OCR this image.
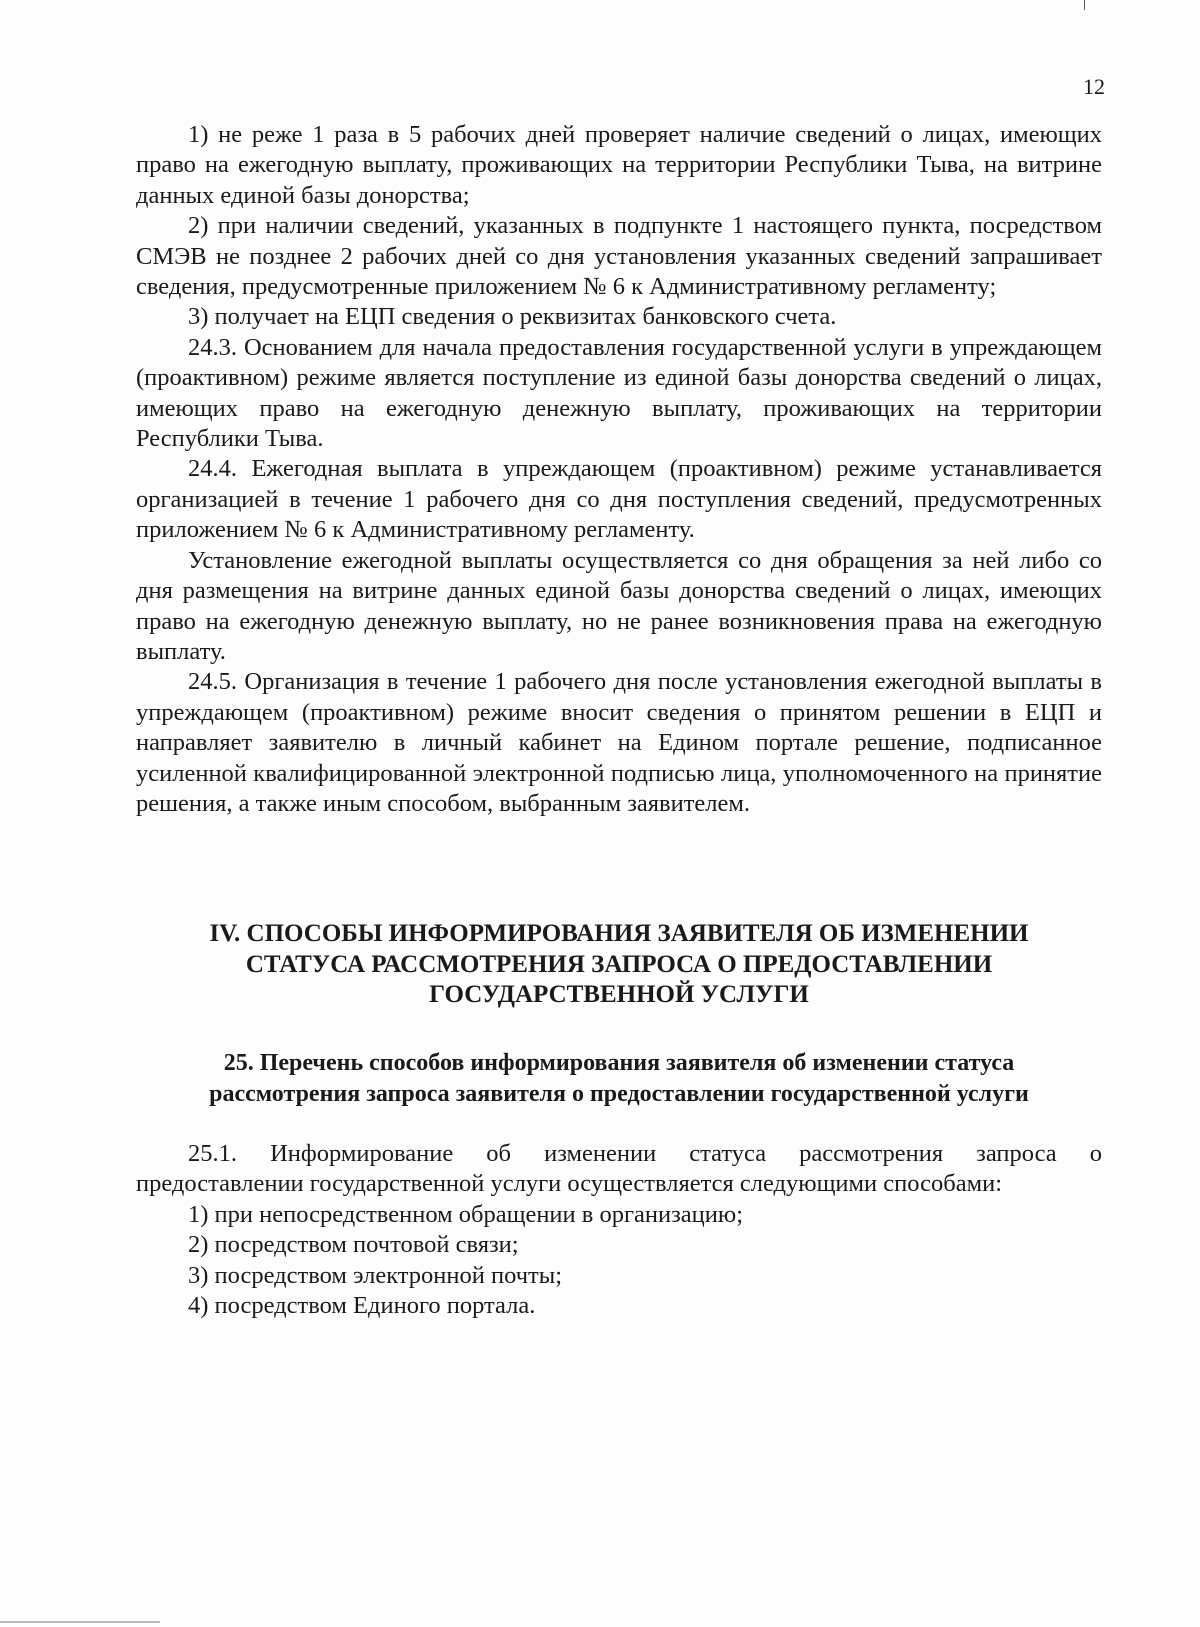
12

1) не реже 1 раза в 5 рабочих дней проверяет наличие сведений о лицах, имеющих право на ежегодную выплату, проживающих на территории Республики Тыва, на витрине данных единой базы донорства;

2) при наличии сведений, указанных в подпункте 1 настоящего пункта, посредством СМЭВ не позднее 2 рабочих дней со дня установления указанных сведений запрашивает сведения, предусмотренные приложением № 6 к Административному регламенту;

3) получает на ЕЦП сведения о реквизитах банковского счета.

24.3. Основанием для начала предоставления государственной услуги в упреждающем (проактивном) режиме является поступление из единой базы донорства сведений о лицах, имеющих право на ежегодную денежную выплату, проживающих на территории Республики Тыва.

24.4. Ежегодная выплата в упреждающем (проактивном) режиме устанавливается организацией в течение 1 рабочего дня со дня поступления сведений, предусмотренных приложением № 6 к Административному регламенту.

Установление ежегодной выплаты осуществляется со дня обращения за ней либо со дня размещения на витрине данных единой базы донорства сведений о лицах, имеющих право на ежегодную денежную выплату, но не ранее возникновения права на ежегодную выплату.

24.5. Организация в течение 1 рабочего дня после установления ежегодной выплаты в упреждающем (проактивном) режиме вносит сведения о принятом решении в ЕЦП и направляет заявителю в личный кабинет на Едином портале решение, подписанное усиленной квалифицированной электронной подписью лица, уполномоченного на принятие решения, а также иным способом, выбранным заявителем.

IV. СПОСОБЫ ИНФОРМИРОВАНИЯ ЗАЯВИТЕЛЯ ОБ ИЗМЕНЕНИИ
СТАТУСА РАССМОТРЕНИЯ ЗАПРОСА О ПРЕДОСТАВЛЕНИИ
ГОСУДАРСТВЕННОЙ УСЛУГИ
25. Перечень способов информирования заявителя об изменении статуса
рассмотрения запроса заявителя о предоставлении государственной услуги
25.1. Информирование об изменении статуса рассмотрения запроса о
предоставлении государственной услуги осуществляется следующими способами:
1) при непосредственном обращении в организацию;
2) посредством почтовой связи;
3) посредством электронной почты;
4) посредством Единого портала.
